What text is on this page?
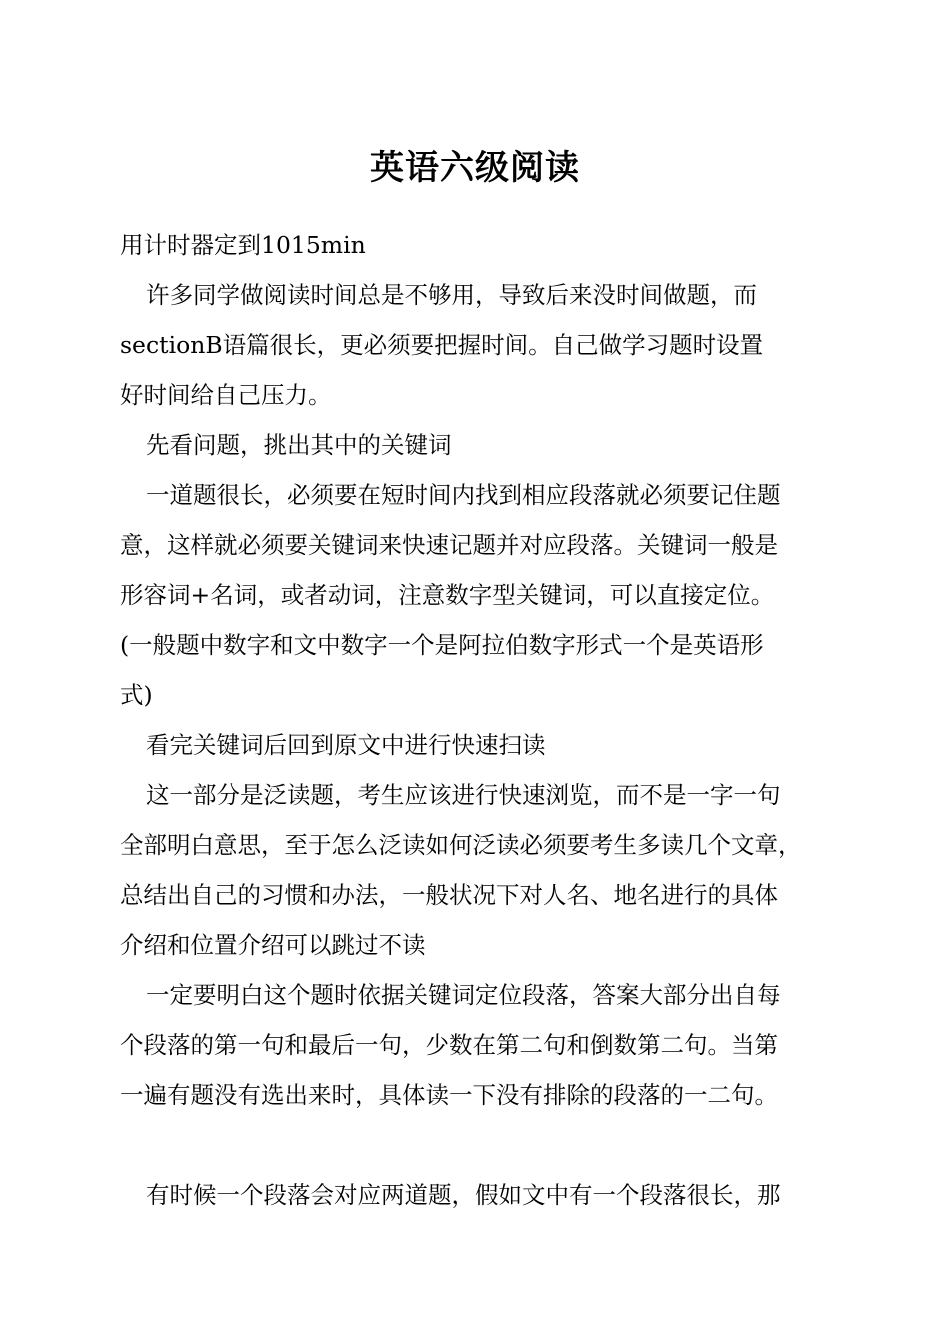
英语六级阅读
用计时器定到1015min
许多同学做阅读时间总是不够用，导致后来没时间做题，而
sectionB语篇很长，更必须要把握时间。自己做学习题时设置
好时间给自己压力。
先看问题，挑出其中的关键词
一道题很长，必须要在短时间内找到相应段落就必须要记住题
意，这样就必须要关键词来快速记题并对应段落。关键词一般是
形容词+名词，或者动词，注意数字型关键词，可以直接定位。
(一般题中数字和文中数字一个是阿拉伯数字形式一个是英语形
式)
看完关键词后回到原文中进行快速扫读
这一部分是泛读题，考生应该进行快速浏览，而不是一字一句
全部明白意思，至于怎么泛读如何泛读必须要考生多读几个文章，
总结出自己的习惯和办法，一般状况下对人名、地名进行的具体
介绍和位置介绍可以跳过不读
一定要明白这个题时依据关键词定位段落，答案大部分出自每
个段落的第一句和最后一句，少数在第二句和倒数第二句。当第
一遍有题没有选出来时，具体读一下没有排除的段落的一二句。
有时候一个段落会对应两道题，假如文中有一个段落很长，那
